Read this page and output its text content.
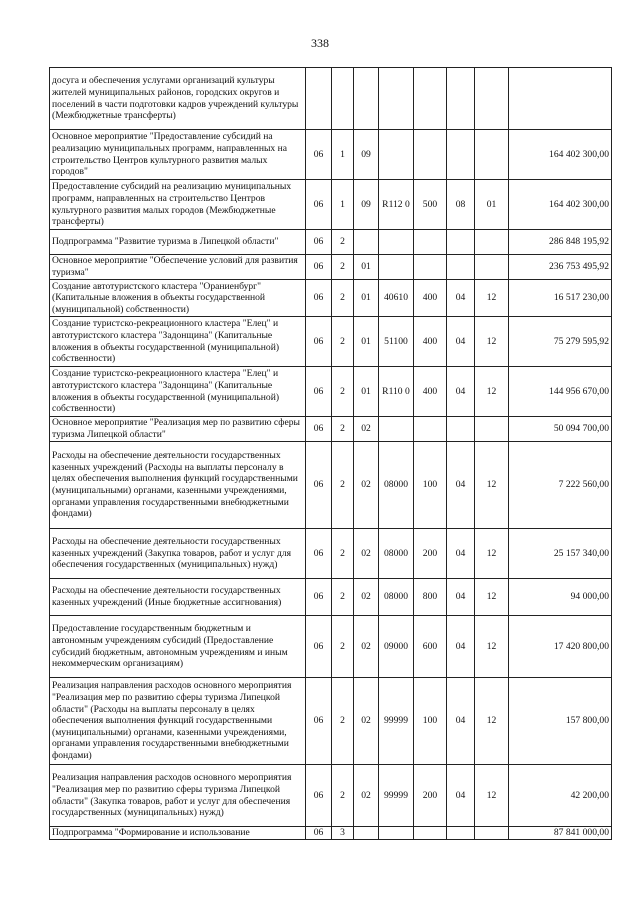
338
досуга и обеспечения услугами организаций культуры жителей муниципальных районов, городских округов и поселений в части подготовки кадров учреждений культуры (Межбюджетные трансферты)								
Основное мероприятие "Предоставление субсидий на реализацию муниципальных программ, направленных на строительство Центров культурного развития малых городов"	06	1	09					164 402 300,00
Предоставление субсидий на реализацию муниципальных программ, направленных на строительство Центров культурного развития малых городов (Межбюджетные трансферты)	06	1	09	R112 0	500	08	01	164 402 300,00
Подпрограмма "Развитие туризма в Липецкой области"	06	2						286 848 195,92
Основное мероприятие "Обеспечение условий для развития туризма"	06	2	01					236 753 495,92
Создание автотуристского кластера "Ораниенбург" (Капитальные вложения в объекты государственной (муниципальной) собственности)	06	2	01	40610	400	04	12	16 517 230,00
Создание туристско-рекреационного кластера "Елец" и автотуристского кластера "Задонщина" (Капитальные вложения в объекты государственной (муниципальной) собственности)	06	2	01	51100	400	04	12	75 279 595,92
Создание туристско-рекреационного кластера "Елец" и автотуристского кластера "Задонщина" (Капитальные вложения в объекты государственной (муниципальной) собственности)	06	2	01	R110 0	400	04	12	144 956 670,00
Основное мероприятие "Реализация мер по развитию сферы туризма Липецкой области"	06	2	02					50 094 700,00
Расходы на обеспечение деятельности государственных казенных учреждений (Расходы на выплаты персоналу в целях обеспечения выполнения функций государственными (муниципальными) органами, казенными учреждениями, органами управления государственными внебюджетными фондами)	06	2	02	08000	100	04	12	7 222 560,00
Расходы на обеспечение деятельности государственных казенных учреждений (Закупка товаров, работ и услуг для обеспечения государственных (муниципальных) нужд)	06	2	02	08000	200	04	12	25 157 340,00
Расходы на обеспечение деятельности государственных казенных учреждений (Иные бюджетные ассигнования)	06	2	02	08000	800	04	12	94 000,00
Предоставление государственным бюджетным и автономным учреждениям субсидий (Предоставление субсидий бюджетным, автономным учреждениям и иным некоммерческим организациям)	06	2	02	09000	600	04	12	17 420 800,00
Реализация направления расходов основного мероприятия "Реализация мер по развитию сферы туризма Липецкой области" (Расходы на выплаты персоналу в целях обеспечения выполнения функций государственными (муниципальными) органами, казенными учреждениями, органами управления государственными внебюджетными фондами)	06	2	02	99999	100	04	12	157 800,00
Реализация направления расходов основного мероприятия "Реализация мер по развитию сферы туризма Липецкой области" (Закупка товаров, работ и услуг для обеспечения государственных (муниципальных) нужд)	06	2	02	99999	200	04	12	42 200,00
Подпрограмма "Формирование и использование	06	3						87 841 000,00
